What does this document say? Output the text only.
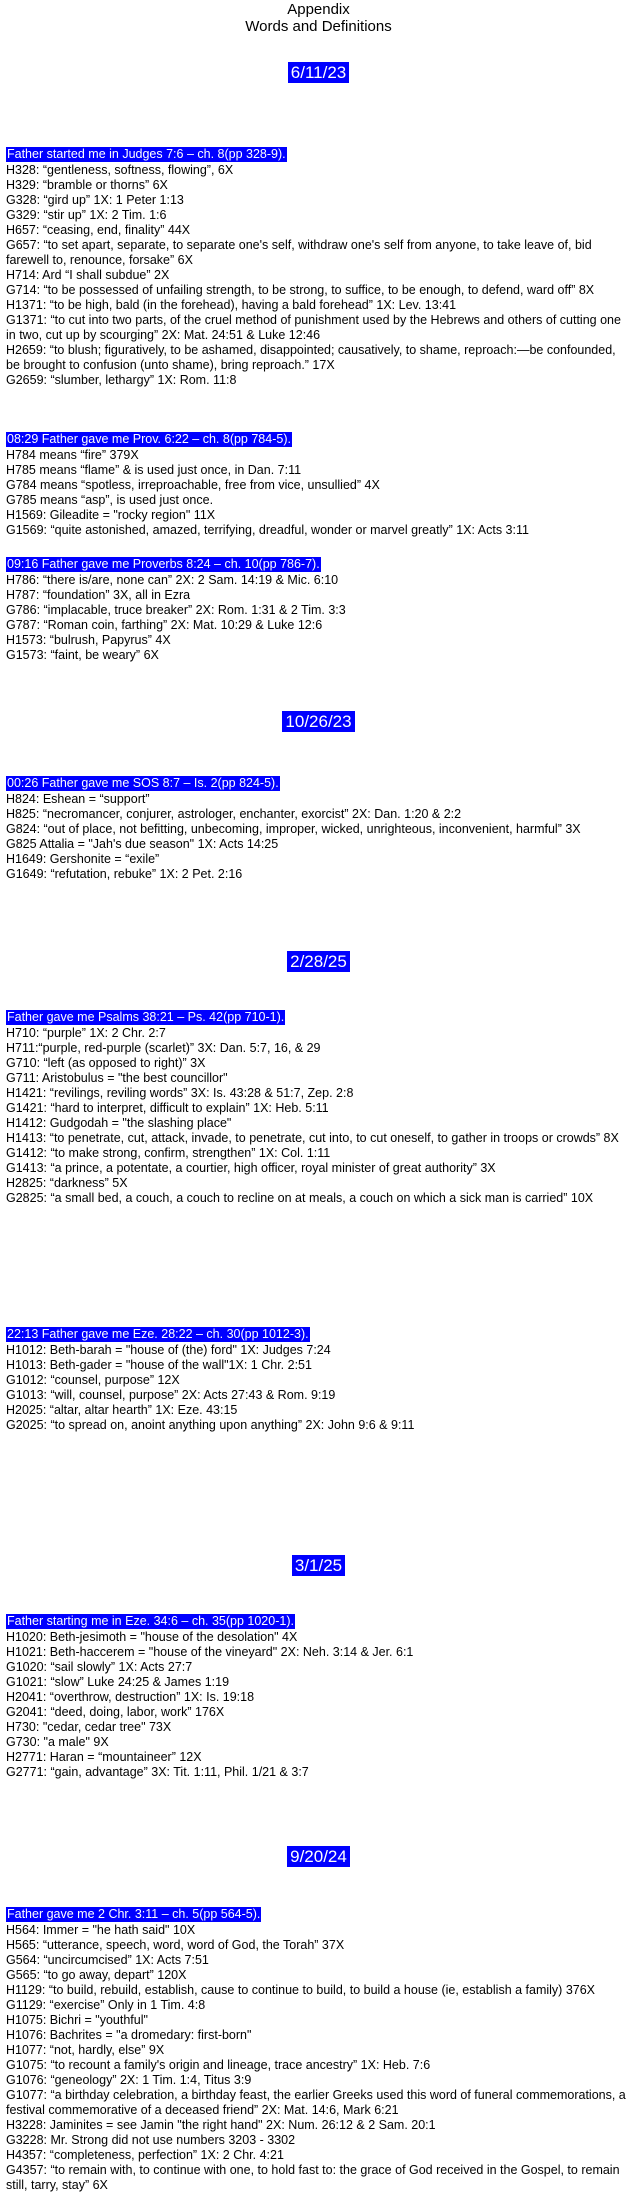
Appendix
Words and Definitions
6/11/23
10/26/23
2/28/25
3/1/25
9/20/24
Father started me in Judges 7:6 – ch. 8(pp 328-9).
H328: “gentleness, softness, flowing”, 6X
H329: “bramble or thorns” 6X
G328: “gird up” 1X: 1 Peter 1:13
G329: “stir up” 1X: 2 Tim. 1:6
H657: “ceasing, end, finality” 44X
G657: “to set apart, separate, to separate one's self, withdraw one's self from anyone, to take leave of, bid farewell to, renounce, forsake” 6X
H714: Ard “I shall subdue” 2X
G714: “to be possessed of unfailing strength, to be strong, to suffice, to be enough, to defend, ward off” 8X
H1371: “to be high, bald (in the forehead), having a bald forehead” 1X: Lev. 13:41
G1371: “to cut into two parts, of the cruel method of punishment used by the Hebrews and others of cutting one in two, cut up by scourging” 2X: Mat. 24:51 & Luke 12:46
H2659: “to blush; figuratively, to be ashamed, disappointed; causatively, to shame, reproach:—be confounded, be brought to confusion (unto shame), bring reproach.” 17X
G2659: “slumber, lethargy” 1X: Rom. 11:8
08:29 Father gave me Prov. 6:22 – ch. 8(pp 784-5).
H784 means “fire” 379X
H785 means “flame” & is used just once, in Dan. 7:11
G784 means “spotless, irreproachable, free from vice, unsullied” 4X
G785 means “asp”, is used just once.
H1569: Gileadite = "rocky region" 11X
G1569: “quite astonished, amazed, terrifying, dreadful, wonder or marvel greatly” 1X: Acts 3:11
09:16 Father gave me Proverbs 8:24 – ch. 10(pp 786-7).
H786: “there is/are, none can” 2X: 2 Sam. 14:19 & Mic. 6:10
H787: “foundation” 3X, all in Ezra
G786: “implacable, truce breaker” 2X: Rom. 1:31 & 2 Tim. 3:3
G787: “Roman coin, farthing” 2X: Mat. 10:29 & Luke 12:6
H1573: “bulrush, Papyrus” 4X
G1573: “faint, be weary” 6X
00:26 Father gave me SOS 8:7 – Is. 2(pp 824-5).
H824: Eshean = “support”
H825: “necromancer, conjurer, astrologer, enchanter, exorcist” 2X: Dan. 1:20 & 2:2
G824: “out of place, not befitting, unbecoming, improper, wicked, unrighteous, inconvenient, harmful” 3X
G825 Attalia = "Jah's due season" 1X: Acts 14:25
H1649: Gershonite = “exile”
G1649: “refutation, rebuke” 1X: 2 Pet. 2:16
Father gave me Psalms 38:21 – Ps. 42(pp 710-1).
H710: “purple” 1X: 2 Chr. 2:7
H711:“purple, red-purple (scarlet)” 3X: Dan. 5:7, 16, & 29
G710: “left (as opposed to right)” 3X
G711: Aristobulus = "the best councillor"
H1421: “revilings, reviling words” 3X: Is. 43:28 & 51:7, Zep. 2:8
G1421: “hard to interpret, difficult to explain” 1X: Heb. 5:11
H1412: Gudgodah = "the slashing place"
H1413: “to penetrate, cut, attack, invade, to penetrate, cut into, to cut oneself, to gather in troops or crowds” 8X
G1412: “to make strong, confirm, strengthen” 1X: Col. 1:11
G1413: “a prince, a potentate, a courtier, high officer, royal minister of great authority” 3X
H2825: “darkness” 5X
G2825: “a small bed, a couch, a couch to recline on at meals, a couch on which a sick man is carried” 10X
22:13 Father gave me Eze. 28:22 – ch. 30(pp 1012-3).
H1012: Beth-barah = "house of (the) ford" 1X: Judges 7:24
H1013: Beth-gader = "house of the wall"1X: 1 Chr. 2:51
G1012: “counsel, purpose” 12X
G1013: “will, counsel, purpose” 2X: Acts 27:43 & Rom. 9:19
H2025: “altar, altar hearth” 1X: Eze. 43:15
G2025: “to spread on, anoint anything upon anything” 2X: John 9:6 & 9:11
Father starting me in Eze. 34:6 – ch. 35(pp 1020-1).
H1020: Beth-jesimoth = "house of the desolation" 4X
H1021: Beth-haccerem = "house of the vineyard" 2X: Neh. 3:14 & Jer. 6:1
G1020: “sail slowly” 1X: Acts 27:7
G1021: “slow” Luke 24:25 & James 1:19
H2041: “overthrow, destruction” 1X: Is. 19:18
G2041: “deed, doing, labor, work” 176X
H730: "cedar, cedar tree" 73X
G730: "a male" 9X
H2771: Haran = “mountaineer” 12X
G2771: “gain, advantage” 3X: Tit. 1:11, Phil. 1/21 & 3:7
Father gave me 2 Chr. 3:11 – ch. 5(pp 564-5).
H564: Immer = "he hath said" 10X
H565: “utterance, speech, word, word of God, the Torah” 37X
G564: “uncircumcised” 1X: Acts 7:51
G565: “to go away, depart” 120X
H1129: “to build, rebuild, establish, cause to continue to build, to build a house (ie, establish a family) 376X
G1129: “exercise” Only in 1 Tim. 4:8
H1075: Bichri = "youthful"
H1076: Bachrites = "a dromedary: first-born"
H1077: “not, hardly, else” 9X
G1075: “to recount a family's origin and lineage, trace ancestry” 1X: Heb. 7:6
G1076: “geneology” 2X: 1 Tim. 1:4, Titus 3:9
G1077: “a birthday celebration, a birthday feast, the earlier Greeks used this word of funeral commemorations, a festival commemorative of a deceased friend” 2X: Mat. 14:6, Mark 6:21
H3228: Jaminites = see Jamin "the right hand" 2X: Num. 26:12 & 2 Sam. 20:1
G3228: Mr. Strong did not use numbers 3203 - 3302
H4357: “completeness, perfection” 1X: 2 Chr. 4:21
G4357: “to remain with, to continue with one, to hold fast to: the grace of God received in the Gospel, to remain still, tarry, stay” 6X
